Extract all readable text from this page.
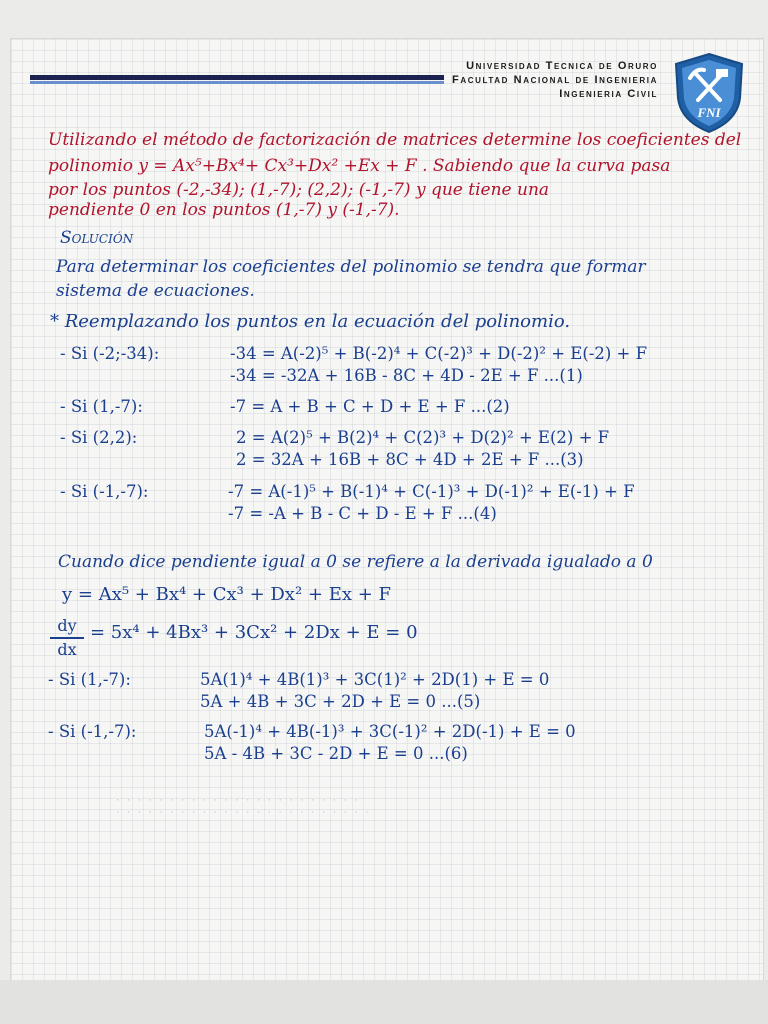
Universidad Tecnica de Oruro
Facultad Nacional de Ingenieria
Ingenieria Civil
FNI
· · · · · · · · · · · · · · · · · · · · · · ·
· · · · · · · · · · · · · · · · · · · · · · · ·
Utilizando el método de factorización de matrices determine los coeficientes del
polinomio y = Ax⁵+Bx⁴+ Cx³+Dx² +Ex + F . Sabiendo que la curva pasa
por los puntos (-2,-34); (1,-7); (2,2); (-1,-7) y que tiene una
pendiente 0 en los puntos (1,-7) y (-1,-7).
Solución
Para determinar los coeficientes del polinomio se tendra que formar
sistema de ecuaciones.
* Reemplazando los puntos en la ecuación del polinomio.
- Si (-2;-34):	-34 = A(-2)⁵ + B(-2)⁴ + C(-2)³ + D(-2)² + E(-2) + F
-34 = -32A + 16B - 8C + 4D - 2E + F ...(1)
- Si (1,-7):	-7 = A + B + C + D + E + F ...(2)
- Si (2,2):	2 = A(2)⁵ + B(2)⁴ + C(2)³ + D(2)² + E(2) + F
2 = 32A + 16B + 8C + 4D + 2E + F ...(3)
- Si (-1,-7):	-7 = A(-1)⁵ + B(-1)⁴ + C(-1)³ + D(-1)² + E(-1) + F
-7 = -A + B - C + D - E + F ...(4)
Cuando dice pendiente igual a 0 se refiere a la derivada igualado a 0
y = Ax⁵ + Bx⁴ + Cx³ + Dx² + Ex + F
dy
dx
= 5x⁴ + 4Bx³ + 3Cx² + 2Dx + E = 0
- Si (1,-7):	5A(1)⁴ + 4B(1)³ + 3C(1)² + 2D(1) + E = 0
5A + 4B + 3C + 2D + E = 0 ...(5)
- Si (-1,-7):	5A(-1)⁴ + 4B(-1)³ + 3C(-1)² + 2D(-1) + E = 0
5A - 4B + 3C - 2D + E = 0 ...(6)
